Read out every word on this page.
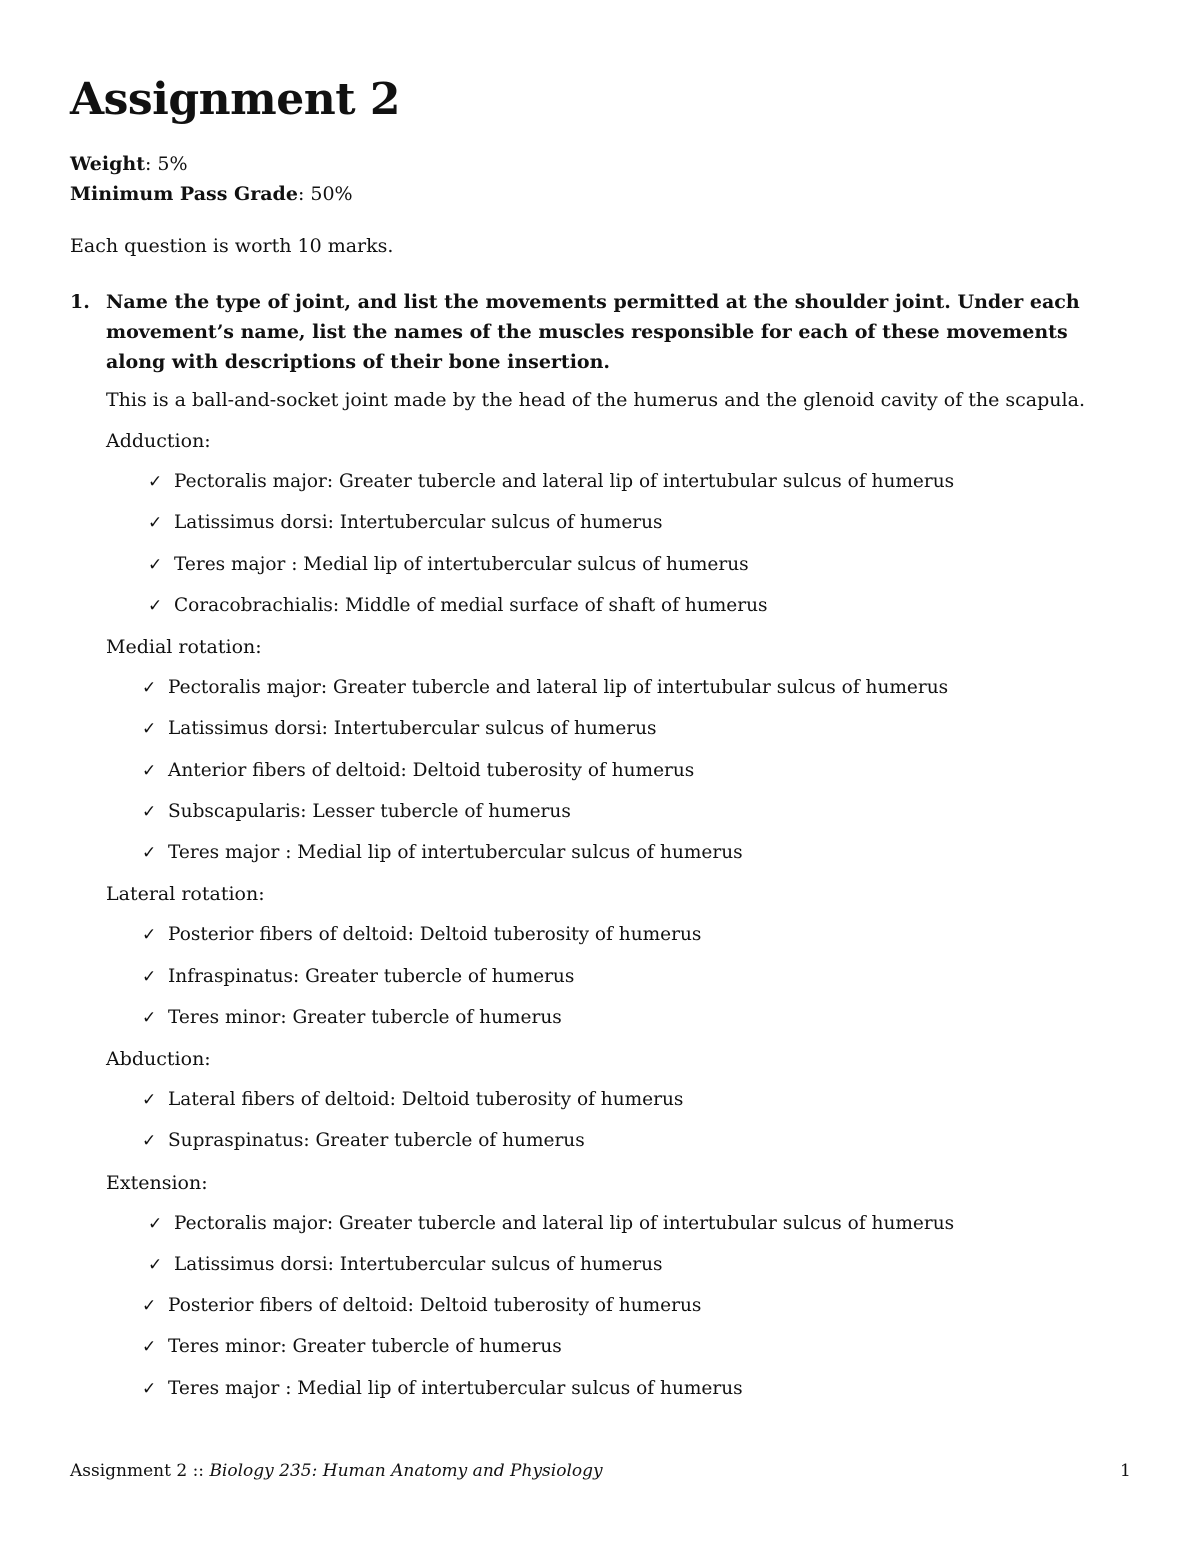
Assignment 2
Weight: 5%
Minimum Pass Grade: 50%
Each question is worth 10 marks.
1. Name the type of joint, and list the movements permitted at the shoulder joint. Under each movement’s name, list the names of the muscles responsible for each of these movements along with descriptions of their bone insertion.
This is a ball-and-socket joint made by the head of the humerus and the glenoid cavity of the scapula.
Adduction:
✓ Pectoralis major: Greater tubercle and lateral lip of intertubular sulcus of humerus
✓ Latissimus dorsi: Intertubercular sulcus of humerus
✓ Teres major : Medial lip of intertubercular sulcus of humerus
✓ Coracobrachialis: Middle of medial surface of shaft of humerus
Medial rotation:
✓ Pectoralis major: Greater tubercle and lateral lip of intertubular sulcus of humerus
✓ Latissimus dorsi: Intertubercular sulcus of humerus
✓ Anterior fibers of deltoid: Deltoid tuberosity of humerus
✓ Subscapularis: Lesser tubercle of humerus
✓ Teres major : Medial lip of intertubercular sulcus of humerus
Lateral rotation:
✓ Posterior fibers of deltoid: Deltoid tuberosity of humerus
✓ Infraspinatus: Greater tubercle of humerus
✓ Teres minor: Greater tubercle of humerus
Abduction:
✓ Lateral fibers of deltoid: Deltoid tuberosity of humerus
✓ Supraspinatus: Greater tubercle of humerus
Extension:
✓ Pectoralis major: Greater tubercle and lateral lip of intertubular sulcus of humerus
✓ Latissimus dorsi: Intertubercular sulcus of humerus
✓ Posterior fibers of deltoid: Deltoid tuberosity of humerus
✓ Teres minor: Greater tubercle of humerus
✓ Teres major : Medial lip of intertubercular sulcus of humerus
Assignment 2 :: Biology 235: Human Anatomy and Physiology	1
